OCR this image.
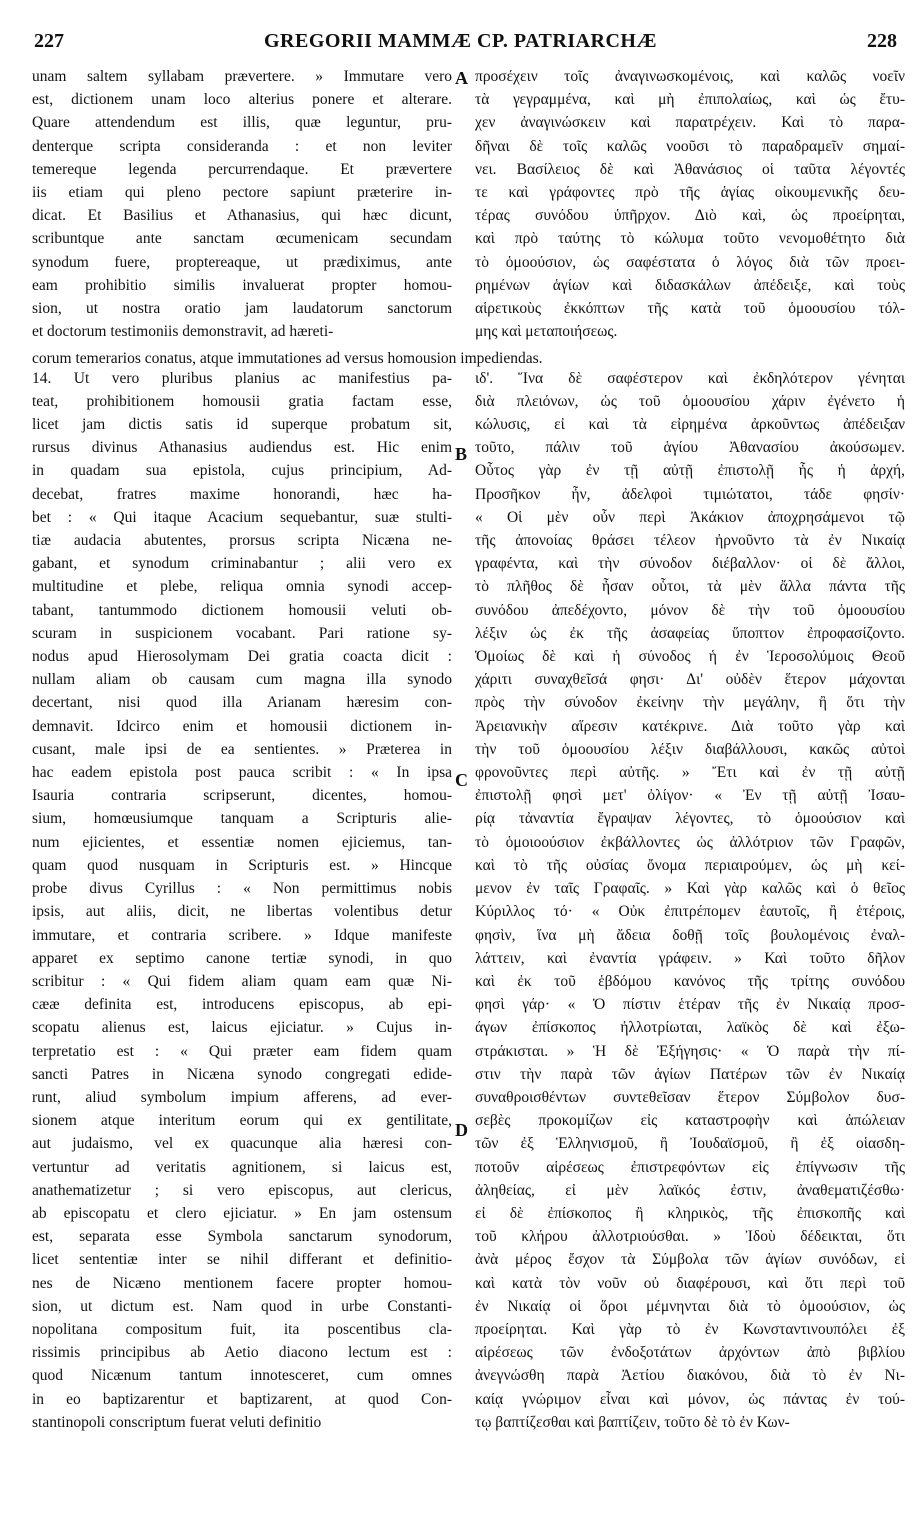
227	GREGORII MAMMÆ CP. PATRIARCHÆ	228
A
B
C
D
unam saltem syllabam prævertere. » Immutare vero
est, dictionem unam loco alterius ponere et alterare.
Quare attendendum est illis, quæ leguntur, pru-
denterque scripta consideranda : et non leviter
temereque legenda percurrendaque. Et prævertere
iis etiam qui pleno pectore sapiunt præterire in-
dicat. Et Basilius et Athanasius, qui hæc dicunt,
scribuntque ante sanctam œcumenicam secundam
synodum fuere, proptereaque, ut prædiximus, ante
eam prohibitio similis invaluerat propter homou-
sion, ut nostra oratio jam laudatorum sanctorum
et doctorum testimoniis demonstravit, ad hæreti-
14. Ut vero pluribus planius ac manifestius pa-
teat, prohibitionem homousii gratia factam esse,
licet jam dictis satis id superque probatum sit,
rursus divinus Athanasius audiendus est. Hic enim
in quadam sua epistola, cujus principium, Ad-
decebat, fratres maxime honorandi, hæc ha-
bet : « Qui itaque Acacium sequebantur, suæ stulti-
tiæ audacia abutentes, prorsus scripta Nicæna ne-
gabant, et synodum criminabantur ; alii vero ex
multitudine et plebe, reliqua omnia synodi accep-
tabant, tantummodo dictionem homousii veluti ob-
scuram in suspicionem vocabant. Pari ratione sy-
nodus apud Hierosolymam Dei gratia coacta dicit :
nullam aliam ob causam cum magna illa synodo
decertant, nisi quod illa Arianam hæresim con-
demnavit. Idcirco enim et homousii dictionem in-
cusant, male ipsi de ea sentientes. » Præterea in
hac eadem epistola post pauca scribit : « In ipsa
Isauria contraria scripserunt, dicentes, homou-
sium, homœusiumque tanquam a Scripturis alie-
num ejicientes, et essentiæ nomen ejiciemus, tan-
quam quod nusquam in Scripturis est. » Hincque
probe divus Cyrillus : « Non permittimus nobis
ipsis, aut aliis, dicit, ne libertas volentibus detur
immutare, et contraria scribere. » Idque manifeste
apparet ex septimo canone tertiæ synodi, in quo
scribitur : « Qui fidem aliam quam eam quæ Ni-
cææ definita est, introducens episcopus, ab epi-
scopatu alienus est, laicus ejiciatur. » Cujus in-
terpretatio est : « Qui præter eam fidem quam
sancti Patres in Nicæna synodo congregati edide-
runt, aliud symbolum impium afferens, ad ever-
sionem atque interitum eorum qui ex gentilitate,
aut judaismo, vel ex quacunque alia hæresi con-
vertuntur ad veritatis agnitionem, si laicus est,
anathematizetur ; si vero episcopus, aut clericus,
ab episcopatu et clero ejiciatur. » En jam ostensum
est, separata esse Symbola sanctarum synodorum,
licet sententiæ inter se nihil differant et definitio-
nes de Nicæno mentionem facere propter homou-
sion, ut dictum est. Nam quod in urbe Constanti-
nopolitana compositum fuit, ita poscentibus cla-
rissimis principibus ab Aetio diacono lectum est :
quod Nicænum tantum innotesceret, cum omnes
in eo baptizarentur et baptizarent, at quod Con-
stantinopoli conscriptum fuerat veluti definitio
προσέχειν τοῖς ἀναγινωσκομένοις, καὶ καλῶς νοεῖν
τὰ γεγραμμένα, καὶ μὴ ἐπιπολαίως, καὶ ὡς ἔτυ-
χεν ἀναγινώσκειν καὶ παρατρέχειν. Καὶ τὸ παρα-
δῆναι δὲ τοῖς καλῶς νοοῦσι τὸ παραδραμεῖν σημαί-
νει. Βασίλειος δὲ καὶ Ἀθανάσιος οἱ ταῦτα λέγοντές
τε καὶ γράφοντες πρὸ τῆς ἁγίας οἰκουμενικῆς δευ-
τέρας συνόδου ὑπῆρχον. Διὸ καὶ, ὡς προείρηται,
καὶ πρὸ ταύτης τὸ κώλυμα τοῦτο νενομοθέτητο διὰ
τὸ ὁμοούσιον, ὡς σαφέστατα ὁ λόγος διὰ τῶν προει-
ρημένων ἁγίων καὶ διδασκάλων ἀπέδειξε, καὶ τοὺς
αἱρετικοὺς ἐκκόπτων τῆς κατὰ τοῦ ὁμοουσίου τόλ-
μης καὶ μεταποιήσεως.
ιδ'. Ἵνα δὲ σαφέστερον καὶ ἐκδηλότερον γένηται
διὰ πλειόνων, ὡς τοῦ ὁμοουσίου χάριν ἐγένετο ἡ
κώλυσις, εἰ καὶ τὰ εἰρημένα ἀρκοῦντως ἀπέδειξαν
τοῦτο, πάλιν τοῦ ἁγίου Ἀθανασίου ἀκούσωμεν.
Οὗτος γὰρ ἐν τῇ αὐτῇ ἐπιστολῇ ἧς ἡ ἀρχή,
Προσῆκον ἦν, ἀδελφοὶ τιμιώτατοι, τάδε φησίν·
« Οἱ μὲν οὖν περὶ Ἀκάκιον ἀποχρησάμενοι τῷ
τῆς ἀπονοίας θράσει τέλεον ἠρνοῦντο τὰ ἐν Νικαίᾳ
γραφέντα, καὶ τὴν σύνοδον διέβαλλον· οἱ δὲ ἄλλοι,
τὸ πλῆθος δὲ ἦσαν οὗτοι, τὰ μὲν ἄλλα πάντα τῆς
συνόδου ἀπεδέχοντο, μόνον δὲ τὴν τοῦ ὁμοουσίου
λέξιν ὡς ἐκ τῆς ἀσαφείας ὕποπτον ἐπροφασίζοντο.
Ὁμοίως δὲ καὶ ἡ σύνοδος ἡ ἐν Ἱεροσολύμοις Θεοῦ
χάριτι συναχθεῖσά φησι· Δι' οὐδὲν ἕτερον μάχονται
πρὸς τὴν σύνοδον ἐκείνην τὴν μεγάλην, ἢ ὅτι τὴν
Ἀρειανικὴν αἵρεσιν κατέκρινε. Διὰ τοῦτο γὰρ καὶ
τὴν τοῦ ὁμοουσίου λέξιν διαβάλλουσι, κακῶς αὐτοὶ
φρονοῦντες περὶ αὐτῆς. » Ἔτι καὶ ἐν τῇ αὐτῇ
ἐπιστολῇ φησὶ μετ' ὀλίγον· « Ἐν τῇ αὐτῇ Ἰσαυ-
ρίᾳ τἀναντία ἔγραψαν λέγοντες, τὸ ὁμοούσιον καὶ
τὸ ὁμοιοούσιον ἐκβάλλοντες ὡς ἀλλότριον τῶν Γραφῶν,
καὶ τὸ τῆς οὐσίας ὄνομα περιαιρούμεν, ὡς μὴ κεί-
μενον ἐν ταῖς Γραφαῖς. » Καὶ γὰρ καλῶς καὶ ὁ θεῖος
Κύριλλος τό· « Οὐκ ἐπιτρέπομεν ἑαυτοῖς, ἢ ἑτέροις,
φησὶν, ἵνα μὴ ἄδεια δοθῇ τοῖς βουλομένοις ἐναλ-
λάττειν, καὶ ἐναντία γράφειν. » Καὶ τοῦτο δῆλον
καὶ ἐκ τοῦ ἑβδόμου κανόνος τῆς τρίτης συνόδου
φησὶ γάρ· « Ὁ πίστιν ἑτέραν τῆς ἐν Νικαίᾳ προσ-
άγων ἐπίσκοπος ἠλλοτρίωται, λαϊκὸς δὲ καὶ ἐξω-
στράκισται. » Ἡ δὲ Ἐξήγησις· « Ὁ παρὰ τὴν πί-
στιν τὴν παρὰ τῶν ἁγίων Πατέρων τῶν ἐν Νικαίᾳ
συναθροισθέντων συντεθεῖσαν ἕτερον Σύμβολον δυσ-
σεβὲς προκομίζων εἰς καταστροφὴν καὶ ἀπώλειαν
τῶν ἐξ Ἑλληνισμοῦ, ἢ Ἰουδαϊσμοῦ, ἢ ἐξ οἱασδη-
ποτοῦν αἱρέσεως ἐπιστρεφόντων εἰς ἐπίγνωσιν τῆς
ἀληθείας, εἰ μὲν λαϊκός ἐστιν, ἀναθεματιζέσθω·
εἰ δὲ ἐπίσκοπος ἢ κληρικὸς, τῆς ἐπισκοπῆς καὶ
τοῦ κλήρου ἀλλοτριούσθαι. » Ἰδοὺ δέδεικται, ὅτι
ἀνὰ μέρος ἔσχον τὰ Σύμβολα τῶν ἁγίων συνόδων, εἰ
καὶ κατὰ τὸν νοῦν οὐ διαφέρουσι, καὶ ὅτι περὶ τοῦ
ἐν Νικαίᾳ οἱ ὅροι μέμνηνται διὰ τὸ ὁμοούσιον, ὡς
προείρηται. Καὶ γὰρ τὸ ἐν Κωνσταντινουπόλει ἐξ
αἱρέσεως τῶν ἐνδοξοτάτων ἀρχόντων ἀπὸ βιβλίου
ἀνεγνώσθη παρὰ Ἀετίου διακόνου, διὰ τὸ ἐν Νι-
καίᾳ γνώριμον εἶναι καὶ μόνον, ὡς πάντας ἐν τού-
τῳ βαπτίζεσθαι καὶ βαπτίζειν, τοῦτο δὲ τὸ ἐν Κων-
corum temerarios conatus, atque immutationes ad versus homousion impediendas.
